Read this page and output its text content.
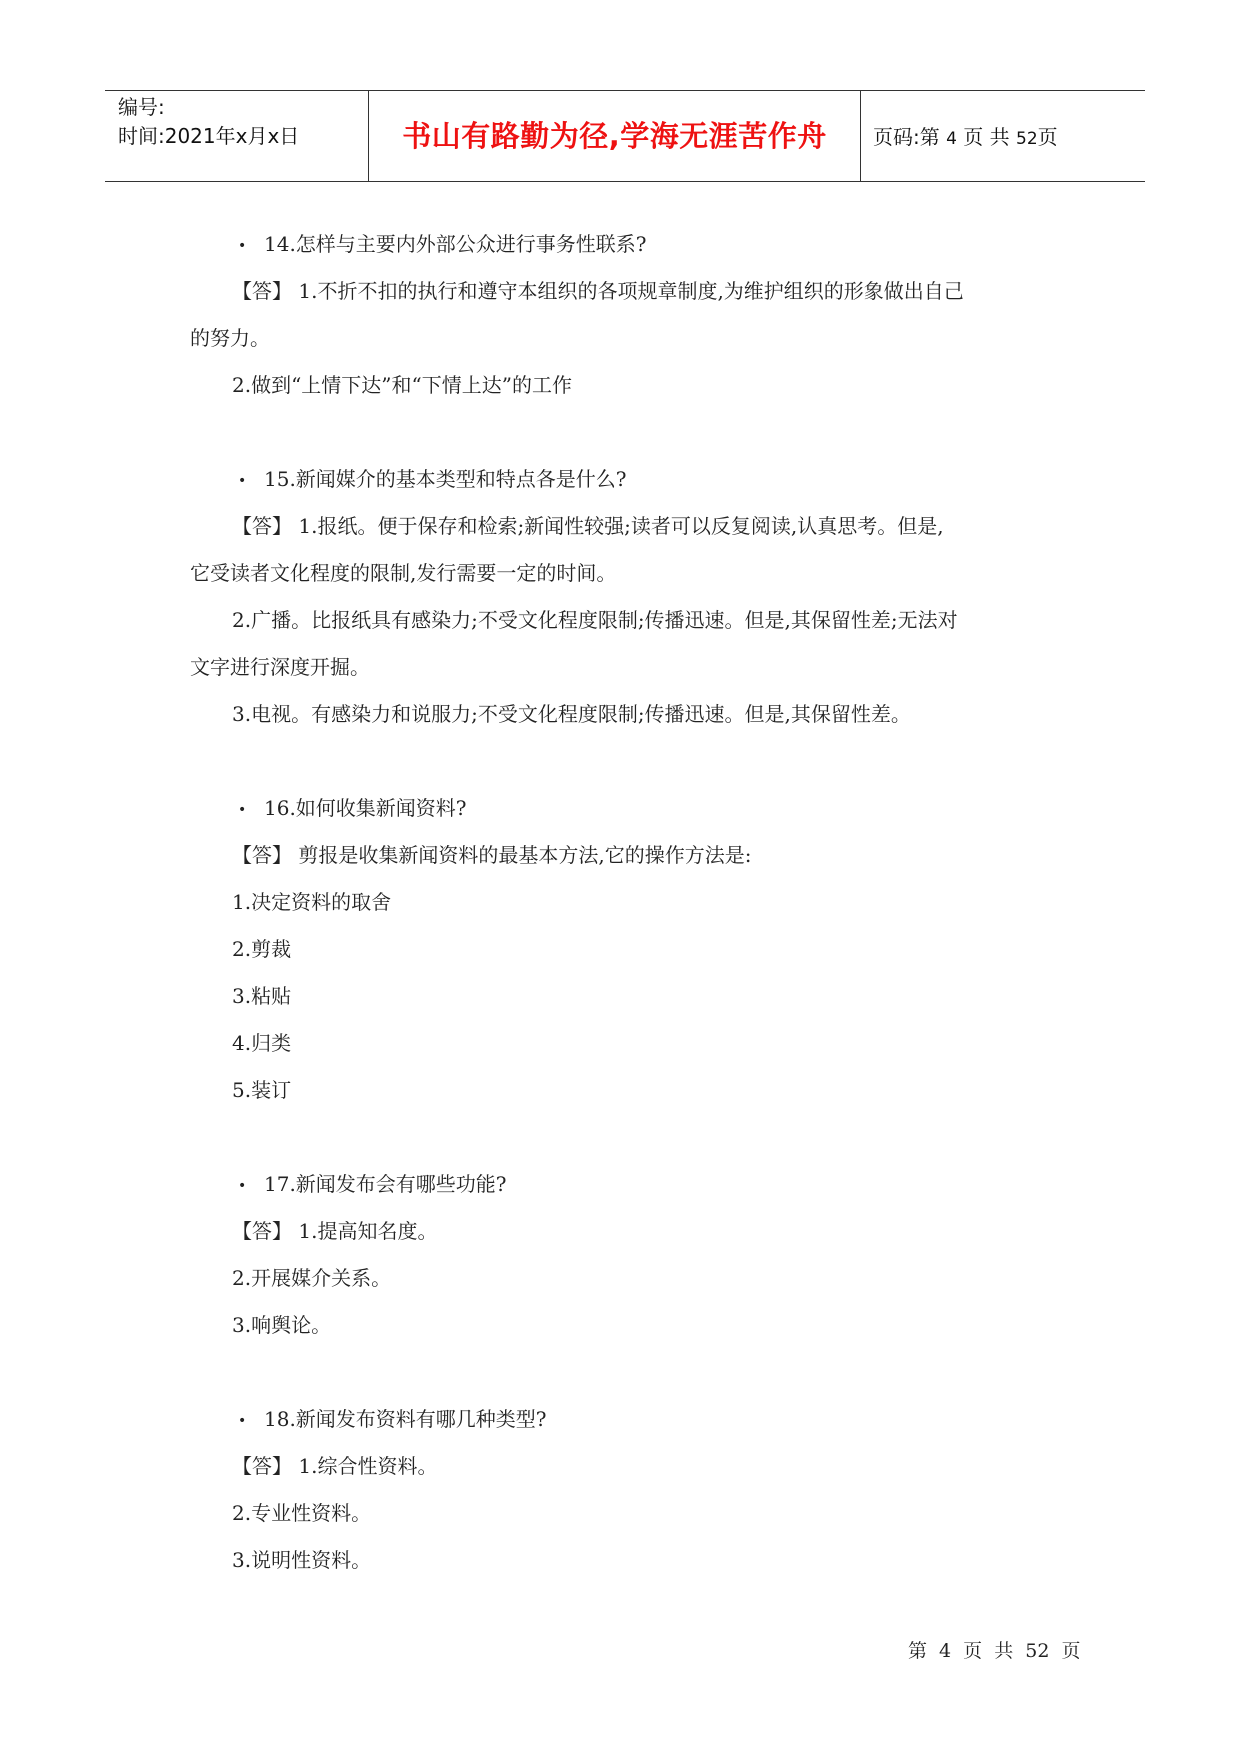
编号:
时间:2021年x月x日	书山有路勤为径,学海无涯苦作舟	页码:第 4 页 共 52页
• 14.怎样与主要内外部公众进行事务性联系?
【答】 1.不折不扣的执行和遵守本组织的各项规章制度,为维护组织的形象做出自己
的努力。
2.做到“上情下达”和“下情上达”的工作
• 15.新闻媒介的基本类型和特点各是什么?
【答】 1.报纸。便于保存和检索;新闻性较强;读者可以反复阅读,认真思考。但是,
它受读者文化程度的限制,发行需要一定的时间。
2.广播。比报纸具有感染力;不受文化程度限制;传播迅速。但是,其保留性差;无法对
文字进行深度开掘。
3.电视。有感染力和说服力;不受文化程度限制;传播迅速。但是,其保留性差。
• 16.如何收集新闻资料?
【答】 剪报是收集新闻资料的最基本方法,它的操作方法是:
1.决定资料的取舍
2.剪裁
3.粘贴
4.归类
5.装订
• 17.新闻发布会有哪些功能?
【答】 1.提高知名度。
2.开展媒介关系。
3.响舆论。
• 18.新闻发布资料有哪几种类型?
【答】 1.综合性资料。
2.专业性资料。
3.说明性资料。
第 4 页 共 52 页
